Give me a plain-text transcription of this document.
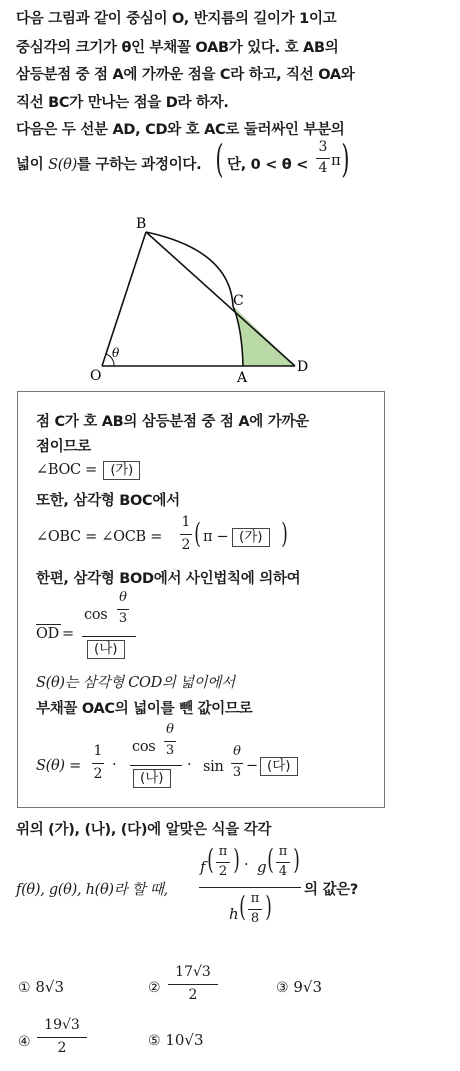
다음 그림과 같이 중심이 O, 반지름의 길이가 1이고
중심각의 크기가 θ인 부채꼴 OAB가 있다. 호 AB의
삼등분점 중 점 A에 가까운 점을 C라 하고, 직선 OA와
직선 BC가 만나는 점을 D라 하자.
다음은 두 선분 AD, CD와 호 AC로 둘러싸인 부분의
넓이 S(θ)를 구하는 과정이다. ( 단, 0 < θ <
3
4 π )
B
C
O	A
D
θ
점 C가 호 AB의 삼등분점 중 점 A에 가까운
점이므로
∠BOC = (가)
또한, 삼각형 BOC에서
∠OBC = ∠OCB =
1
2 ( π − (가) )
한편, 삼각형 BOD에서 사인법칙에 의하여
OD =
cos
θ
3
(나)
S(θ)는 삼각형 COD의 넓이에서
부채꼴 OAC의 넓이를 뺀 값이므로
S(θ) =
1
2
·
cos
θ
3
(나)
· sin
θ
3 − (다)
위의 (가), (나), (다)에 알맞은 식을 각각
f(θ), g(θ), h(θ)라 할 때,
f ( π
2 ) · g ( π
4 )
h ( π
8 ) 의 값은?
① 8√3	②
17√3
2	③ 9√3
④
19√3
2	⑤ 10√3
